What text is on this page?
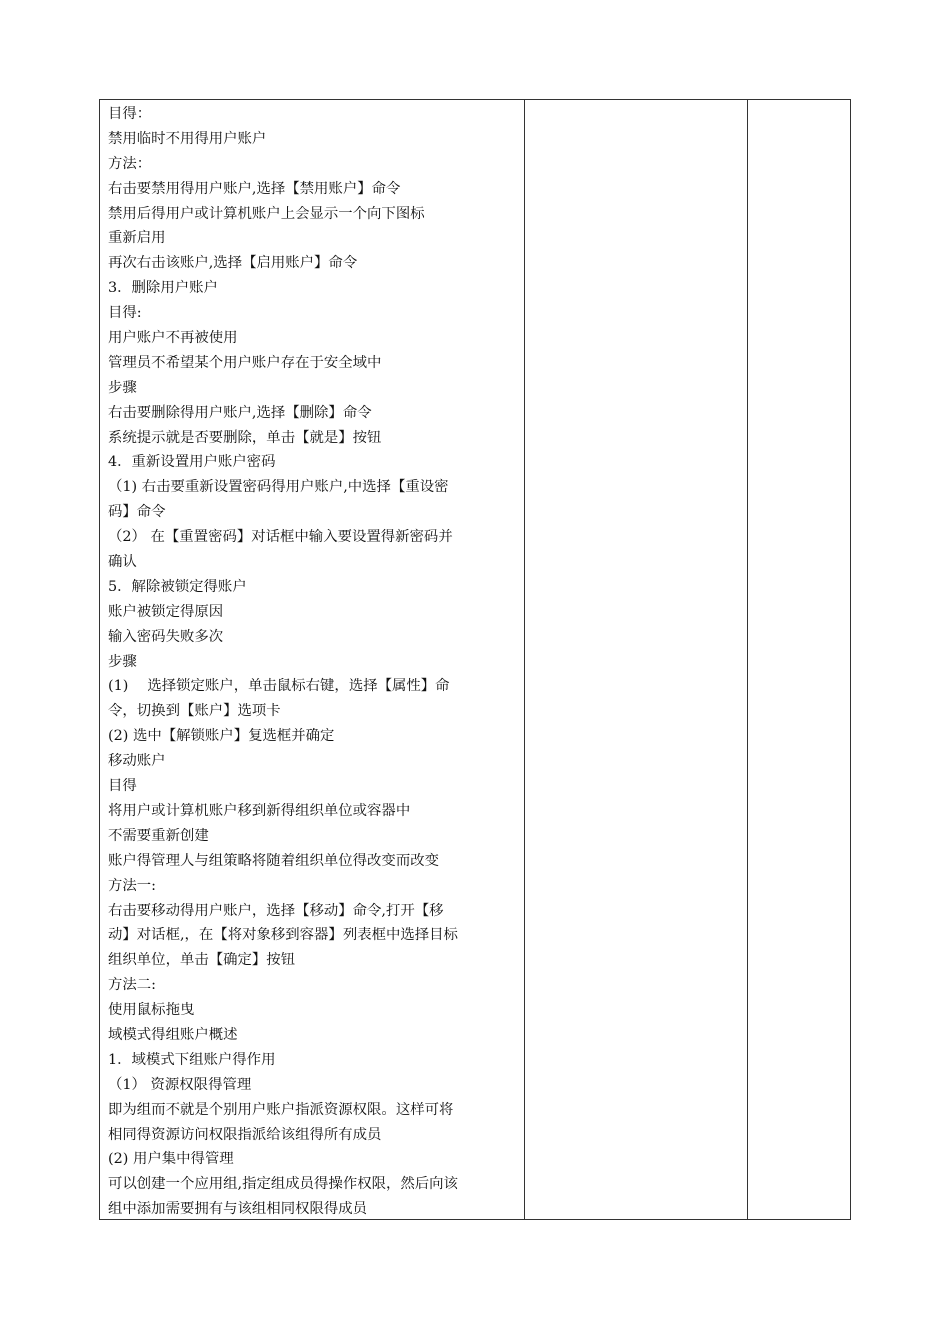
目得：
禁用临时不用得用户账户
方法：
右击要禁用得用户账户,选择【禁用账户】命令
禁用后得用户或计算机账户上会显示一个向下图标
重新启用
再次右击该账户,选择【启用账户】命令
3．删除用户账户
目得:
用户账户不再被使用
管理员不希望某个用户账户存在于安全域中
步骤
右击要删除得用户账户,选择【删除】命令
系统提示就是否要删除，单击【就是】按钮
4．重新设置用户账户密码
（1) 右击要重新设置密码得用户账户,中选择【重设密
码】命令
（2） 在【重置密码】对话框中输入要设置得新密码并
确认
5．解除被锁定得账户
账户被锁定得原因
输入密码失败多次
步骤
(1)　 选择锁定账户，单击鼠标右键，选择【属性】命
令，切换到【账户】选项卡
(2) 选中【解锁账户】复选框并确定
移动账户
目得
将用户或计算机账户移到新得组织单位或容器中
不需要重新创建
账户得管理人与组策略将随着组织单位得改变而改变
方法一:
右击要移动得用户账户，选择【移动】命令,打开【移
动】对话框,，在【将对象移到容器】列表框中选择目标
组织单位，单击【确定】按钮
方法二:
使用鼠标拖曳
域模式得组账户概述
1．域模式下组账户得作用
（1） 资源权限得管理
即为组而不就是个别用户账户指派资源权限。这样可将
相同得资源访问权限指派给该组得所有成员
(2) 用户集中得管理
可以创建一个应用组,指定组成员得操作权限，然后向该
组中添加需要拥有与该组相同权限得成员
